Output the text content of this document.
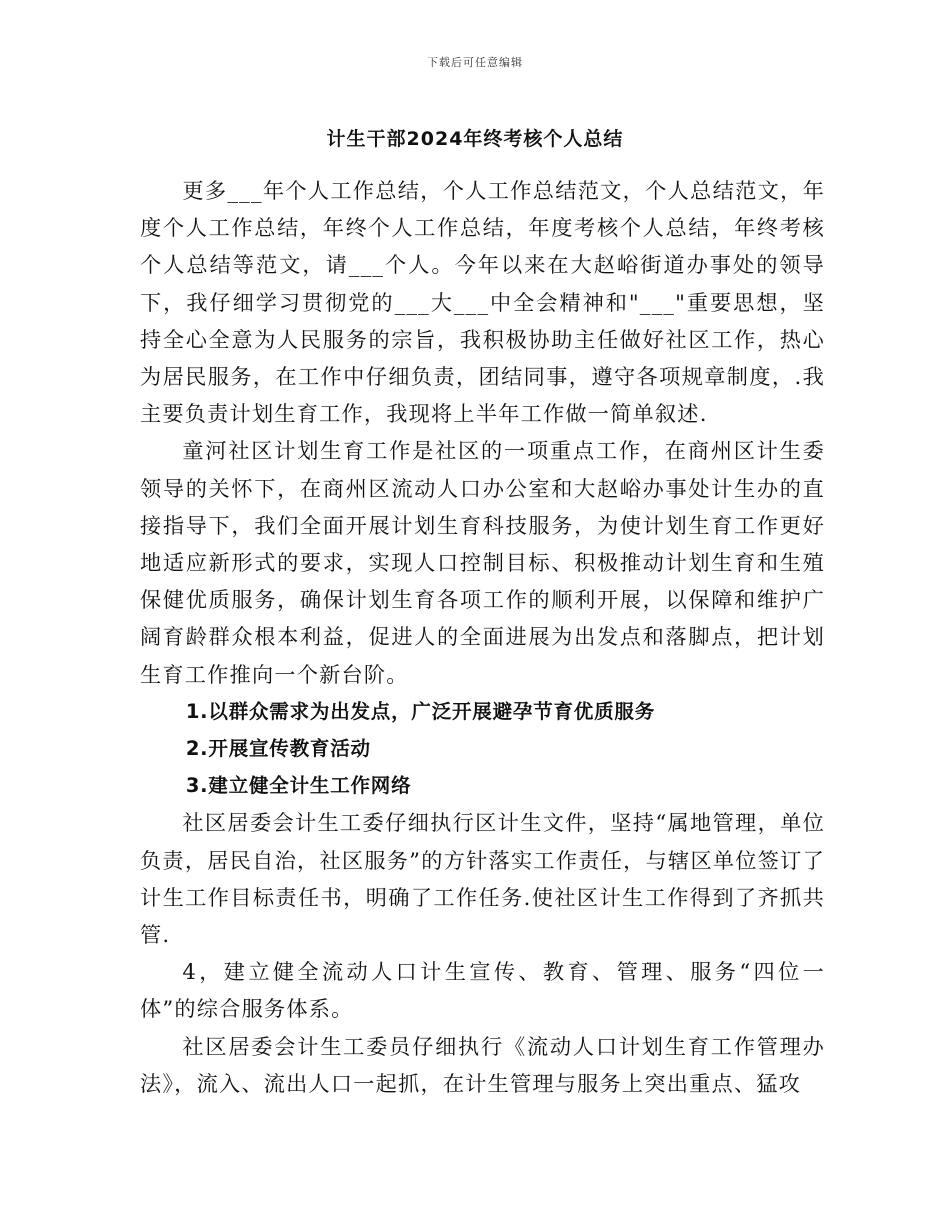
下载后可任意编辑
计生干部2024年终考核个人总结

更多___年个人工作总结，个人工作总结范文，个人总结范文，年度个人工作总结，年终个人工作总结，年度考核个人总结，年终考核个人总结等范文，请___个人。今年以来在大赵峪街道办事处的领导下，我仔细学习贯彻党的___大___中全会精神和"___"重要思想，坚持全心全意为人民服务的宗旨，我积极协助主任做好社区工作，热心为居民服务，在工作中仔细负责，团结同事，遵守各项规章制度，.我主要负责计划生育工作，我现将上半年工作做一简单叙述.

童河社区计划生育工作是社区的一项重点工作，在商州区计生委领导的关怀下，在商州区流动人口办公室和大赵峪办事处计生办的直接指导下，我们全面开展计划生育科技服务，为使计划生育工作更好地适应新形式的要求，实现人口控制目标、积极推动计划生育和生殖保健优质服务，确保计划生育各项工作的顺利开展，以保障和维护广阔育龄群众根本利益，促进人的全面进展为出发点和落脚点，把计划生育工作推向一个新台阶。

1.以群众需求为出发点，广泛开展避孕节育优质服务

2.开展宣传教育活动

3.建立健全计生工作网络

社区居委会计生工委仔细执行区计生文件，坚持“属地管理，单位负责，居民自治，社区服务”的方针落实工作责任，与辖区单位签订了计生工作目标责任书，明确了工作任务.使社区计生工作得到了齐抓共管.

4，建立健全流动人口计生宣传、教育、管理、服务“四位一体”的综合服务体系。

社区居委会计生工委员仔细执行《流动人口计划生育工作管理办法》，流入、流出人口一起抓，在计生管理与服务上突出重点、猛攻
